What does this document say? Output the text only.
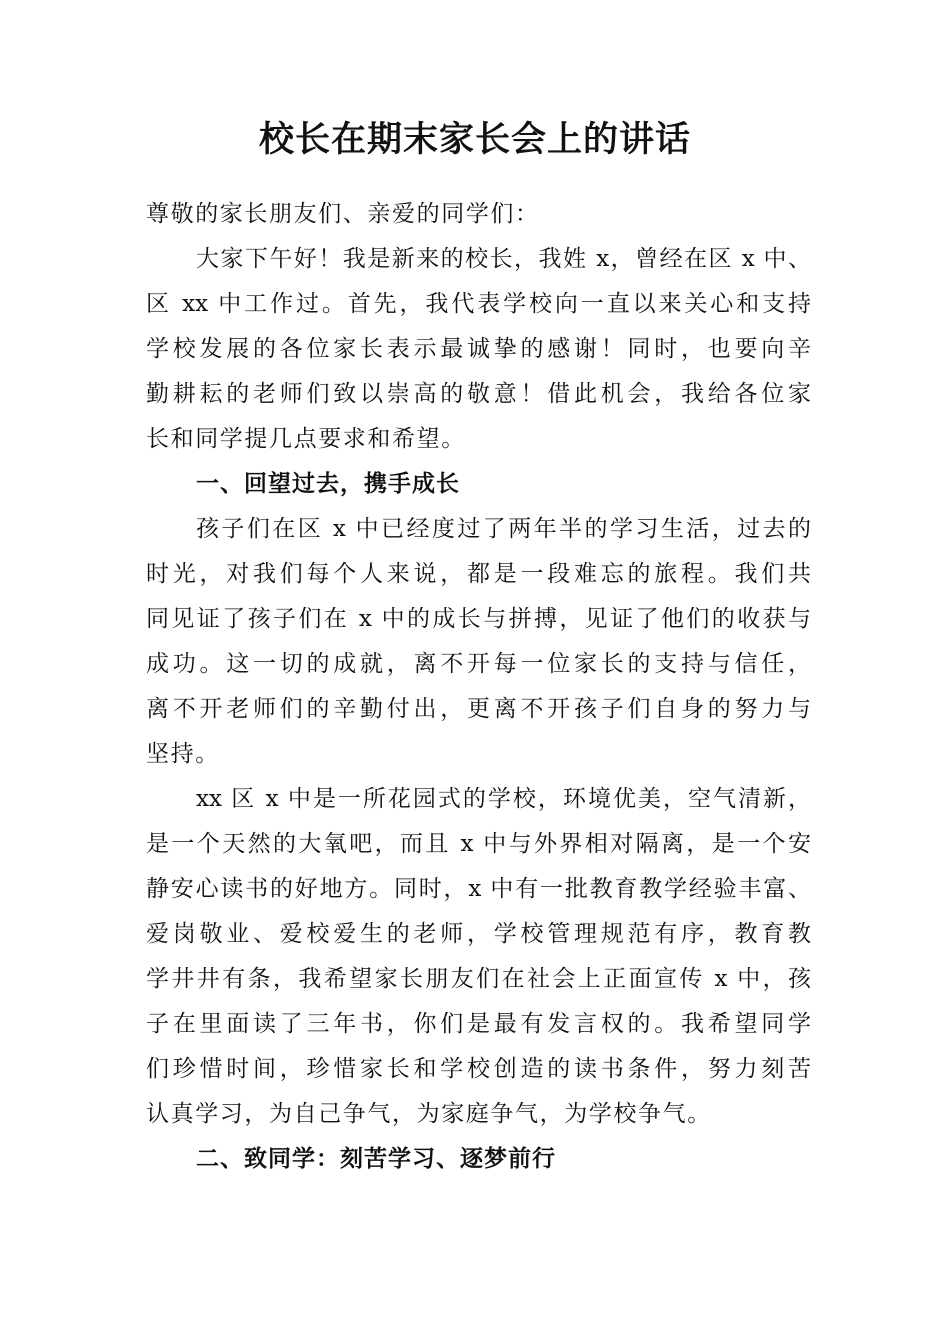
校长在期末家长会上的讲话
尊敬的家长朋友们、亲爱的同学们：
大家下午好！我是新来的校长，我姓 x，曾经在区 x 中、
区 xx 中工作过。首先，我代表学校向一直以来关心和支持
学校发展的各位家长表示最诚挚的感谢！同时，也要向辛
勤耕耘的老师们致以崇高的敬意！借此机会，我给各位家
长和同学提几点要求和希望。
一、回望过去，携手成长
孩子们在区 x 中已经度过了两年半的学习生活，过去的
时光，对我们每个人来说，都是一段难忘的旅程。我们共
同见证了孩子们在 x 中的成长与拼搏，见证了他们的收获与
成功。这一切的成就，离不开每一位家长的支持与信任，
离不开老师们的辛勤付出，更离不开孩子们自身的努力与
坚持。
xx 区 x 中是一所花园式的学校，环境优美，空气清新，
是一个天然的大氧吧，而且 x 中与外界相对隔离，是一个安
静安心读书的好地方。同时，x 中有一批教育教学经验丰富、
爱岗敬业、爱校爱生的老师，学校管理规范有序，教育教
学井井有条，我希望家长朋友们在社会上正面宣传 x 中，孩
子在里面读了三年书，你们是最有发言权的。我希望同学
们珍惜时间，珍惜家长和学校创造的读书条件，努力刻苦
认真学习，为自己争气，为家庭争气，为学校争气。
二、致同学：刻苦学习、逐梦前行
